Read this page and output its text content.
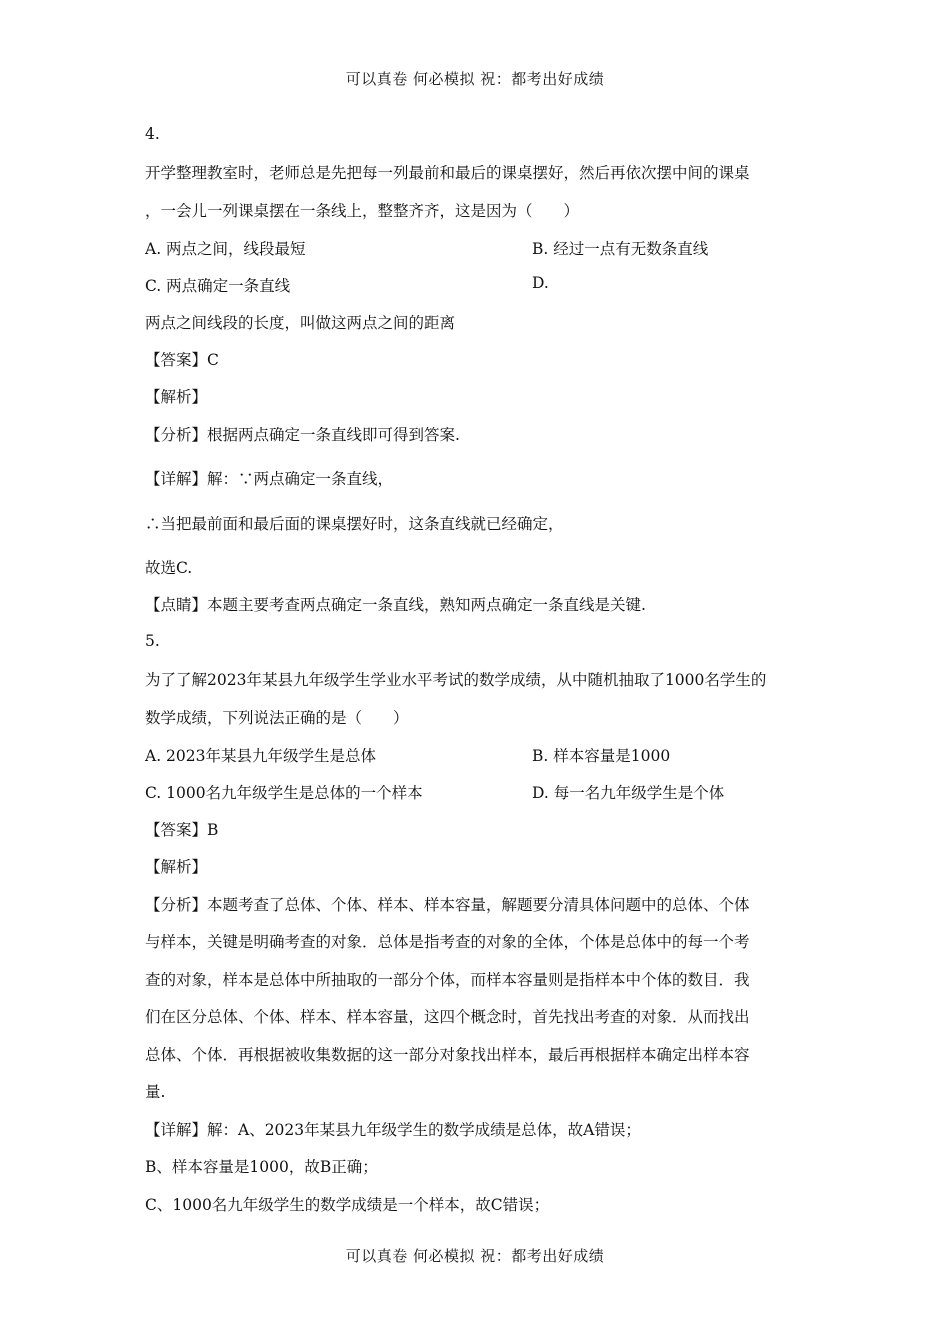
可以真卷 何必模拟 祝：都考出好成绩
4.
开学整理教室时，老师总是先把每一列最前和最后的课桌摆好，然后再依次摆中间的课桌
，一会儿一列课桌摆在一条线上，整整齐齐，这是因为（　　）
A. 两点之间，线段最短	B. 经过一点有无数条直线
C. 两点确定一条直线	D.
两点之间线段的长度，叫做这两点之间的距离
【答案】C
【解析】
【分析】根据两点确定一条直线即可得到答案.
【详解】解：∵两点确定一条直线，
∴当把最前面和最后面的课桌摆好时，这条直线就已经确定，
故选C.
【点睛】本题主要考查两点确定一条直线，熟知两点确定一条直线是关键.
5.
为了了解2023年某县九年级学生学业水平考试的数学成绩，从中随机抽取了1000名学生的
数学成绩，下列说法正确的是（　　）
A. 2023年某县九年级学生是总体	B. 样本容量是1000
C. 1000名九年级学生是总体的一个样本	D. 每一名九年级学生是个体
【答案】B
【解析】
【分析】本题考查了总体、个体、样本、样本容量，解题要分清具体问题中的总体、个体
与样本，关键是明确考查的对象．总体是指考查的对象的全体，个体是总体中的每一个考
查的对象，样本是总体中所抽取的一部分个体，而样本容量则是指样本中个体的数目．我
们在区分总体、个体、样本、样本容量，这四个概念时，首先找出考查的对象．从而找出
总体、个体．再根据被收集数据的这一部分对象找出样本，最后再根据样本确定出样本容
量.
【详解】解：A、2023年某县九年级学生的数学成绩是总体，故A错误；
B、样本容量是1000，故B正确；
C、1000名九年级学生的数学成绩是一个样本，故C错误；
可以真卷 何必模拟 祝：都考出好成绩
